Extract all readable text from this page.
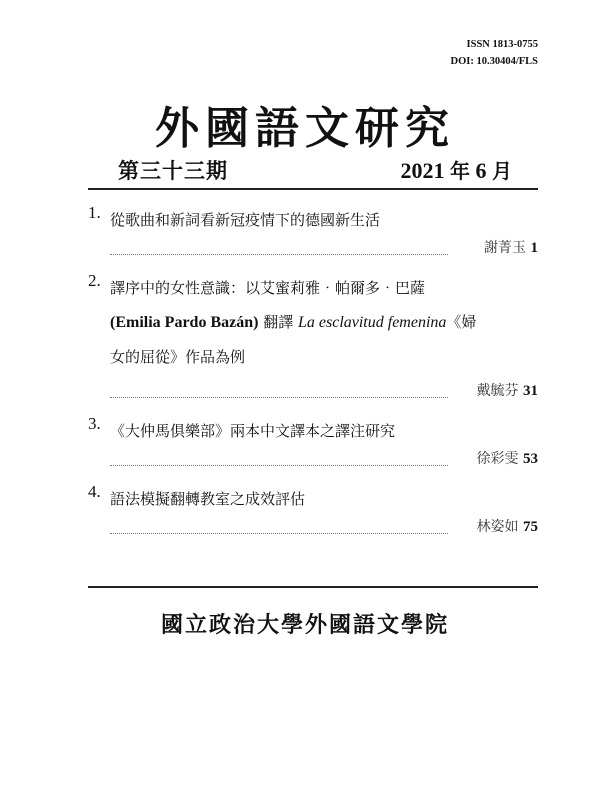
ISSN 1813-0755
DOI: 10.30404/FLS
外國語文研究
第三十三期	2021 年 6 月
1. 從歌曲和新詞看新冠疫情下的德國新生活
謝菁玉 1
2. 譯序中的女性意識：以艾蜜莉雅‧帕爾多‧巴薩
(Emilia Pardo Bazán) 翻譯 La esclavitud femenina《婦
女的屈從》作品為例
戴毓芬 31
3. 《大仲馬俱樂部》兩本中文譯本之譯注研究
徐彩雯 53
4. 語法模擬翻轉教室之成效評估
林姿如 75
國立政治大學外國語文學院
